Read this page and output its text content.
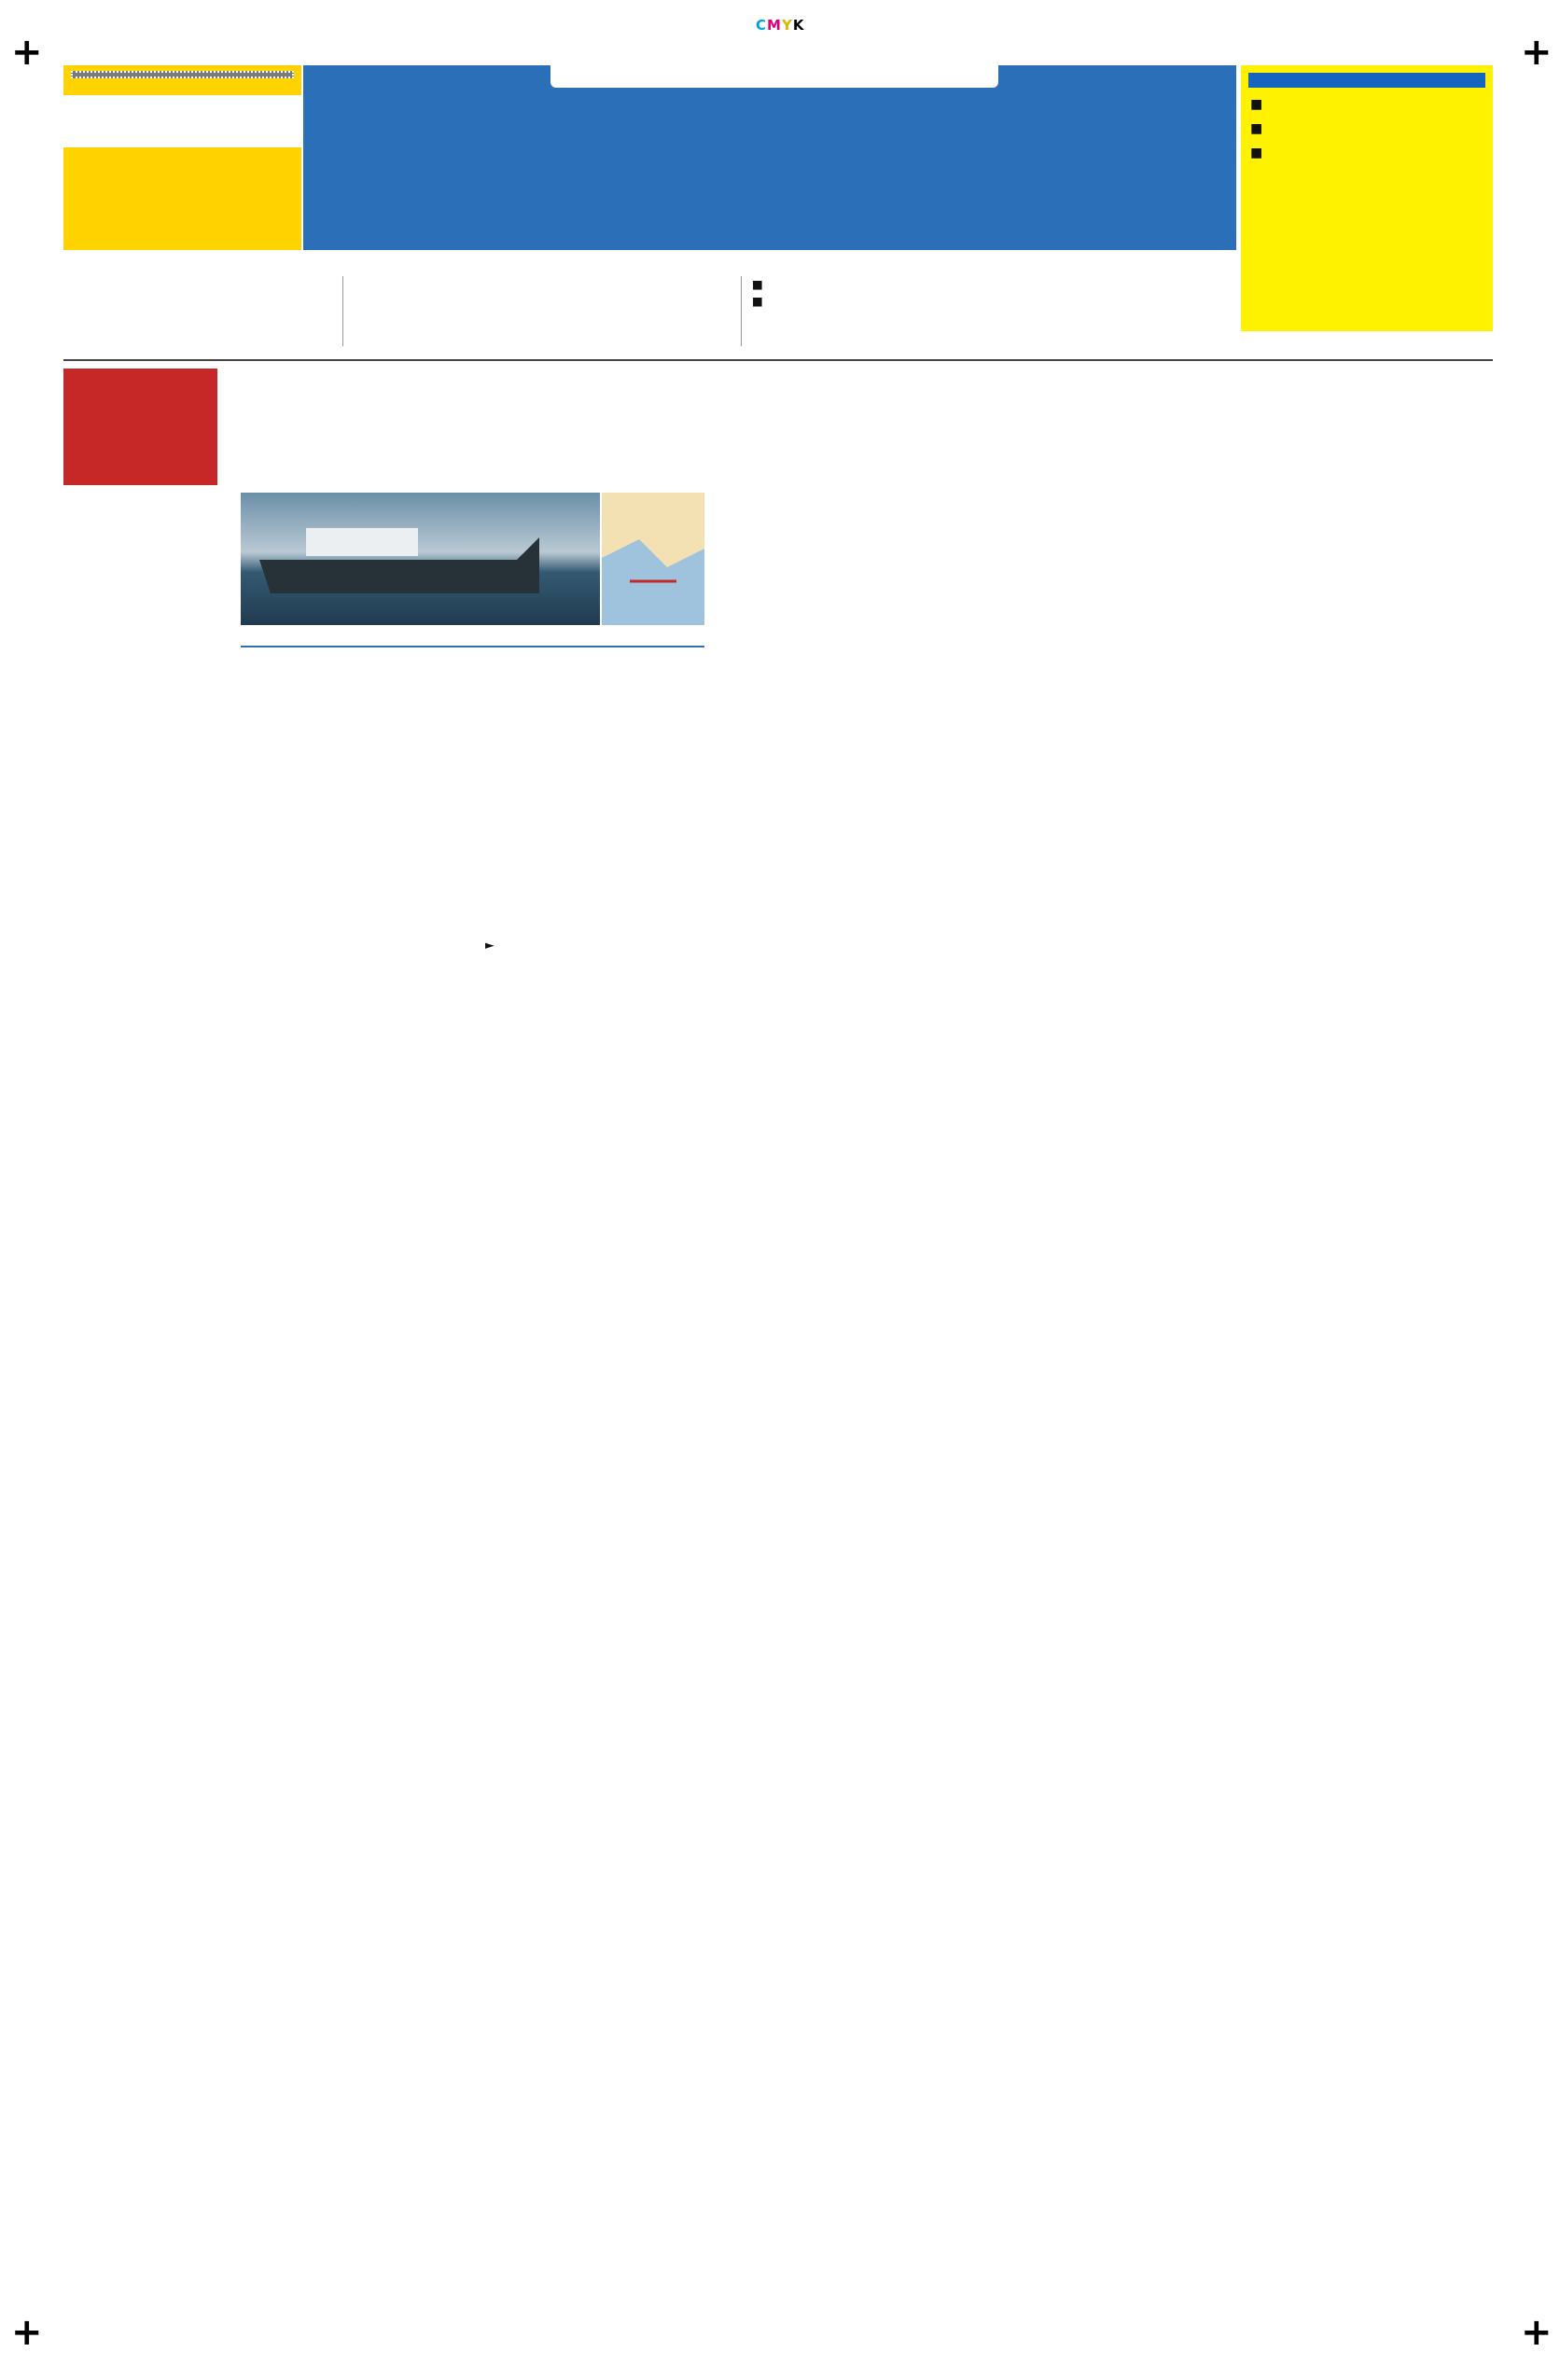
CMYK
+	+
+	+
■
■
■
■
■
►
